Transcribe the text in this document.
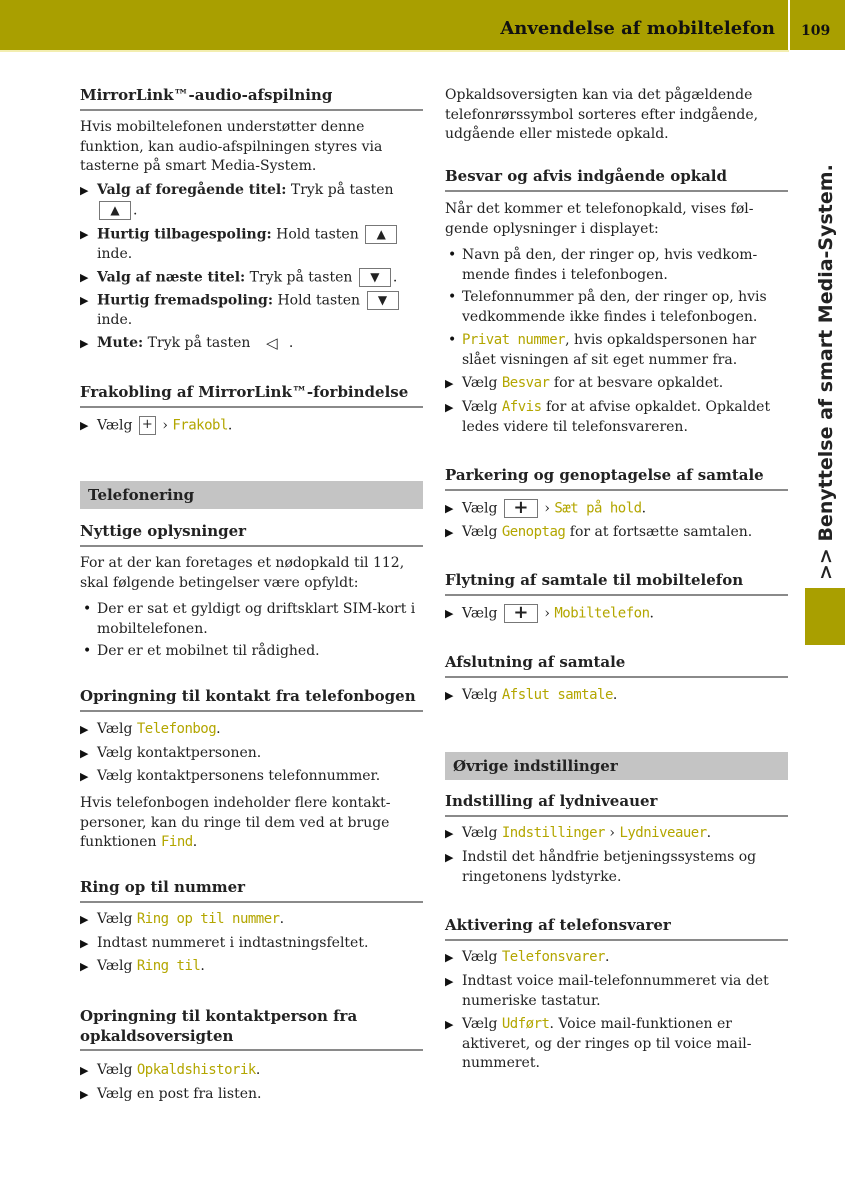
Anvendelse af mobiltelefon 109
>> Benyttelse af smart Media-System.
MirrorLink™-audio-afspilning
Hvis mobiltelefonen understøtter denne funktion, kan audio-afspilningen styres via tasterne på smart Media-System.
▶ Valg af foregående titel: Tryk på tasten ▲ .
▶ Hurtig tilbagespoling: Hold tasten ▲ inde.
▶ Valg af næste titel: Tryk på tasten ▼ .
▶ Hurtig fremadspoling: Hold tasten ▼ inde.
▶ Mute: Tryk på tasten ◁ .
Frakobling af MirrorLink™-forbindelse
▶ Vælg + › Frakobl.
Telefonering
Nyttige oplysninger
For at der kan foretages et nødopkald til 112, skal følgende betingelser være opfyldt:
• Der er sat et gyldigt og driftsklart SIM-kort i mobiltelefonen.
• Der er et mobilnet til rådighed.
Opringning til kontakt fra telefonbogen
▶ Vælg Telefonbog.
▶ Vælg kontaktpersonen.
▶ Vælg kontaktpersonens telefonnummer.
Hvis telefonbogen indeholder flere kontakt-personer, kan du ringe til dem ved at bruge funktionen Find.
Ring op til nummer
▶ Vælg Ring op til nummer.
▶ Indtast nummeret i indtastningsfeltet.
▶ Vælg Ring til.
Opringning til kontaktperson fra opkaldsoversigten
▶ Vælg Opkaldshistorik.
▶ Vælg en post fra listen.
Opkaldsoversigten kan via det pågældende telefonrørssymbol sorteres efter indgående, udgående eller mistede opkald.
Besvar og afvis indgående opkald
Når det kommer et telefonopkald, vises føl-gende oplysninger i displayet:
• Navn på den, der ringer op, hvis vedkom-mende findes i telefonbogen.
• Telefonnummer på den, der ringer op, hvis vedkommende ikke findes i telefonbogen.
• Privat nummer, hvis opkaldspersonen har slået visningen af sit eget nummer fra.
▶ Vælg Besvar for at besvare opkaldet.
▶ Vælg Afvis for at afvise opkaldet. Opkaldet ledes videre til telefonsvareren.
Parkering og genoptagelse af samtale
▶ Vælg + › Sæt på hold.
▶ Vælg Genoptag for at fortsætte samtalen.
Flytning af samtale til mobiltelefon
▶ Vælg + › Mobiltelefon.
Afslutning af samtale
▶ Vælg Afslut samtale.
Øvrige indstillinger
Indstilling af lydniveauer
▶ Vælg Indstillinger › Lydniveauer.
▶ Indstil det håndfrie betjeningssystems og ringetonens lydstyrke.
Aktivering af telefonsvarer
▶ Vælg Telefonsvarer.
▶ Indtast voice mail-telefonnummeret via det numeriske tastatur.
▶ Vælg Udført. Voice mail-funktionen er aktiveret, og der ringes op til voice mail-nummeret.
